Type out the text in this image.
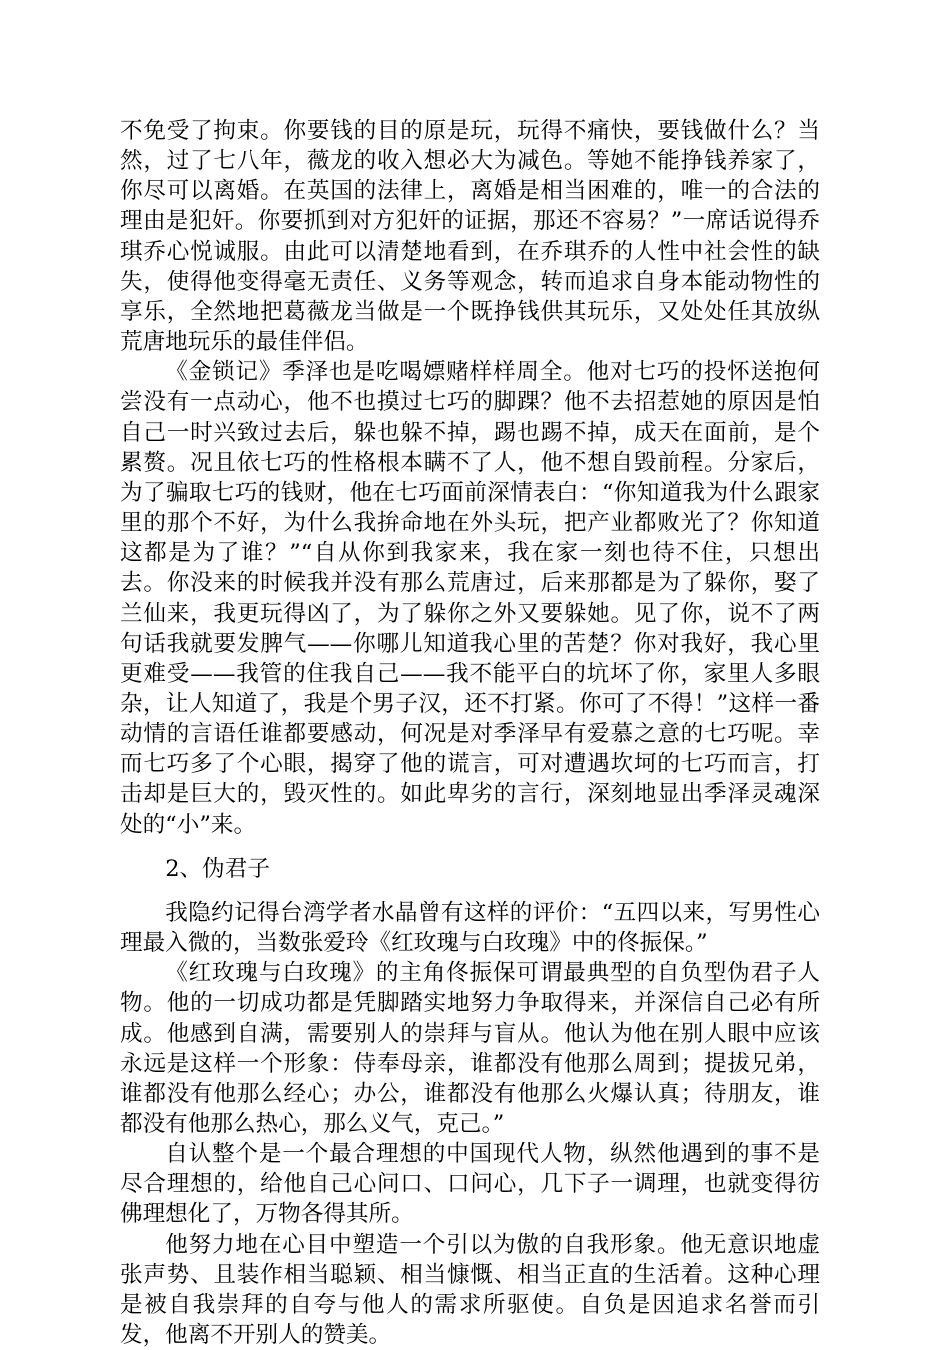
不免受了拘束。你要钱的目的原是玩，玩得不痛快，要钱做什么？当然，过了七八年，薇龙的收入想必大为减色。等她不能挣钱养家了，你尽可以离婚。在英国的法律上，离婚是相当困难的，唯一的合法的理由是犯奸。你要抓到对方犯奸的证据，那还不容易？”一席话说得乔琪乔心悦诚服。由此可以清楚地看到，在乔琪乔的人性中社会性的缺失，使得他变得毫无责任、义务等观念，转而追求自身本能动物性的享乐，全然地把葛薇龙当做是一个既挣钱供其玩乐，又处处任其放纵荒唐地玩乐的最佳伴侣。

《金锁记》季泽也是吃喝嫖赌样样周全。他对七巧的投怀送抱何尝没有一点动心，他不也摸过七巧的脚踝？他不去招惹她的原因是怕自己一时兴致过去后，躲也躲不掉，踢也踢不掉，成天在面前，是个累赘。况且依七巧的性格根本瞒不了人，他不想自毁前程。分家后，为了骗取七巧的钱财，他在七巧面前深情表白：“你知道我为什么跟家里的那个不好，为什么我拚命地在外头玩，把产业都败光了？你知道这都是为了谁？”“自从你到我家来，我在家一刻也待不住，只想出去。你没来的时候我并没有那么荒唐过，后来那都是为了躲你，娶了兰仙来，我更玩得凶了，为了躲你之外又要躲她。见了你，说不了两句话我就要发脾气——你哪儿知道我心里的苦楚？你对我好，我心里更难受——我管的住我自己——我不能平白的坑坏了你，家里人多眼杂，让人知道了，我是个男子汉，还不打紧。你可了不得！”这样一番动情的言语任谁都要感动，何况是对季泽早有爱慕之意的七巧呢。幸而七巧多了个心眼，揭穿了他的谎言，可对遭遇坎坷的七巧而言，打击却是巨大的，毁灭性的。如此卑劣的言行，深刻地显出季泽灵魂深处的“小”来。

2、伪君子

我隐约记得台湾学者水晶曾有这样的评价：“五四以来，写男性心理最入微的，当数张爱玲《红玫瑰与白玫瑰》中的佟振保。”

《红玫瑰与白玫瑰》的主角佟振保可谓最典型的自负型伪君子人物。他的一切成功都是凭脚踏实地努力争取得来，并深信自己必有所成。他感到自满，需要别人的崇拜与盲从。他认为他在别人眼中应该永远是这样一个形象：侍奉母亲，谁都没有他那么周到；提拔兄弟，谁都没有他那么经心；办公，谁都没有他那么火爆认真；待朋友，谁都没有他那么热心，那么义气，克己。”

自认整个是一个最合理想的中国现代人物，纵然他遇到的事不是尽合理想的，给他自己心问口、口问心，几下子一调理，也就变得彷佛理想化了，万物各得其所。

他努力地在心目中塑造一个引以为傲的自我形象。他无意识地虚张声势、且装作相当聪颖、相当慷慨、相当正直的生活着。这种心理是被自我崇拜的自夸与他人的需求所驱使。自负是因追求名誉而引发，他离不开别人的赞美。
